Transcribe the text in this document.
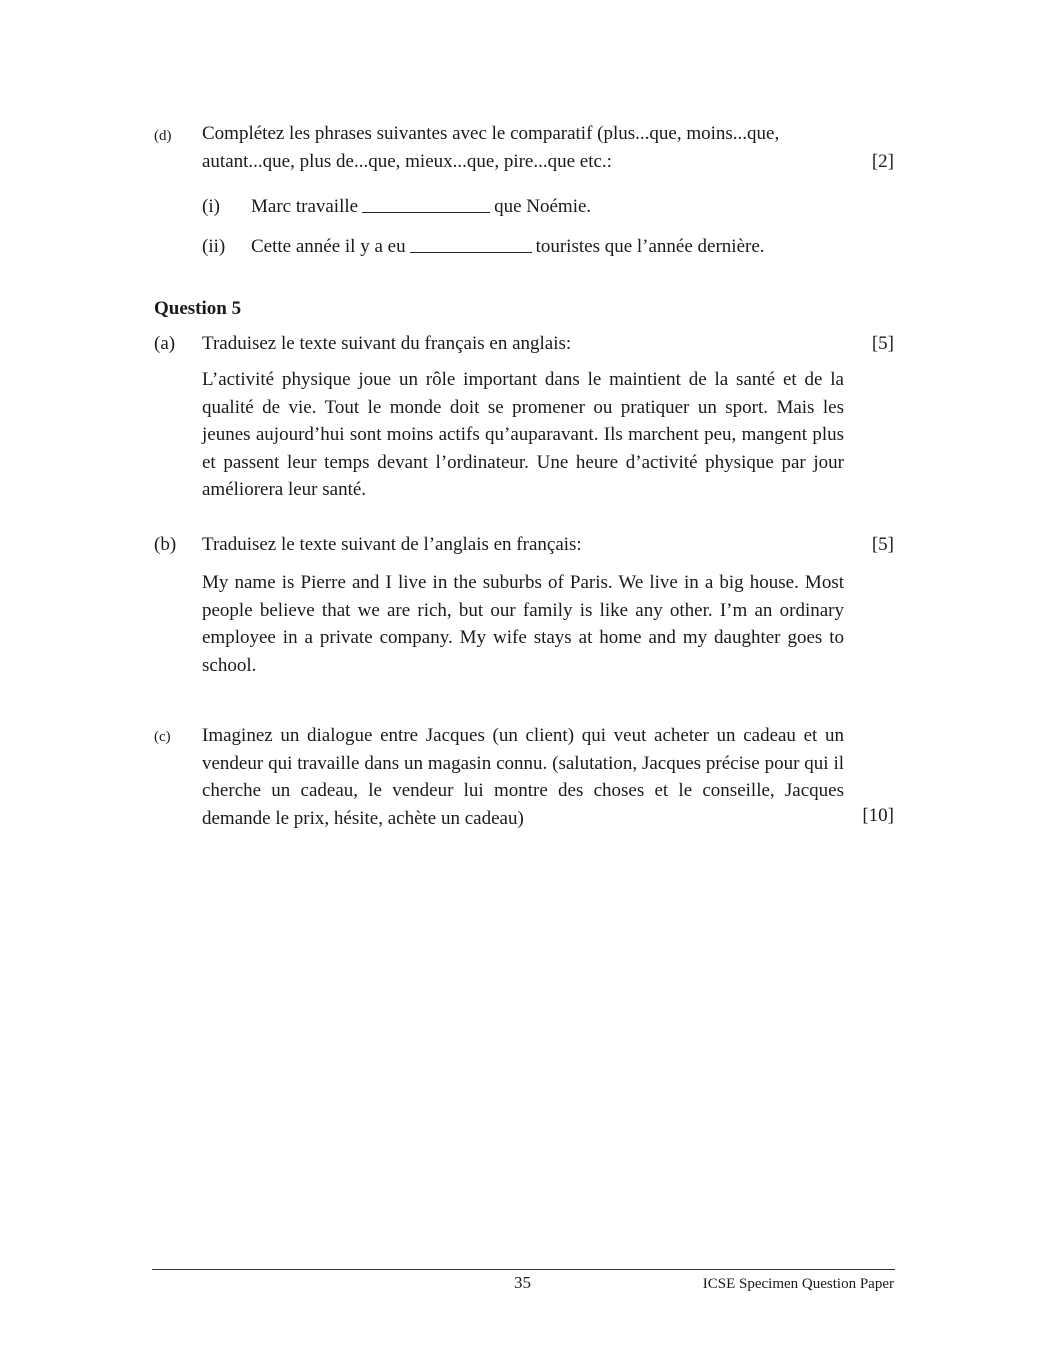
(d) Complétez les phrases suivantes avec le comparatif (plus...que, moins...que,
autant...que, plus de...que, mieux...que, pire...que etc.:	[2]
(i) Marc travaille	que Noémie.
(ii) Cette année il y a eu	touristes que l’année dernière.
Question 5
(a) Traduisez le texte suivant du français en anglais:	[5]
L’activité physique joue un rôle important dans le maintient de la santé et de la qualité de vie. Tout le monde doit se promener ou pratiquer un sport. Mais les jeunes aujourd’hui sont moins actifs qu’auparavant. Ils marchent peu, mangent plus et passent leur temps devant l’ordinateur. Une heure d’activité physique par jour améliorera leur santé.
(b) Traduisez le texte suivant de l’anglais en français:	[5]
My name is Pierre and I live in the suburbs of Paris. We live in a big house. Most people believe that we are rich, but our family is like any other. I’m an ordinary employee in a private company. My wife stays at home and my daughter goes to school.
(c) Imaginez un dialogue entre Jacques (un client) qui veut acheter un cadeau et un vendeur qui travaille dans un magasin connu. (salutation, Jacques précise pour qui il cherche un cadeau, le vendeur lui montre des choses et le conseille, Jacques demande le prix, hésite, achète un cadeau)	[10]
35	ICSE Specimen Question Paper
